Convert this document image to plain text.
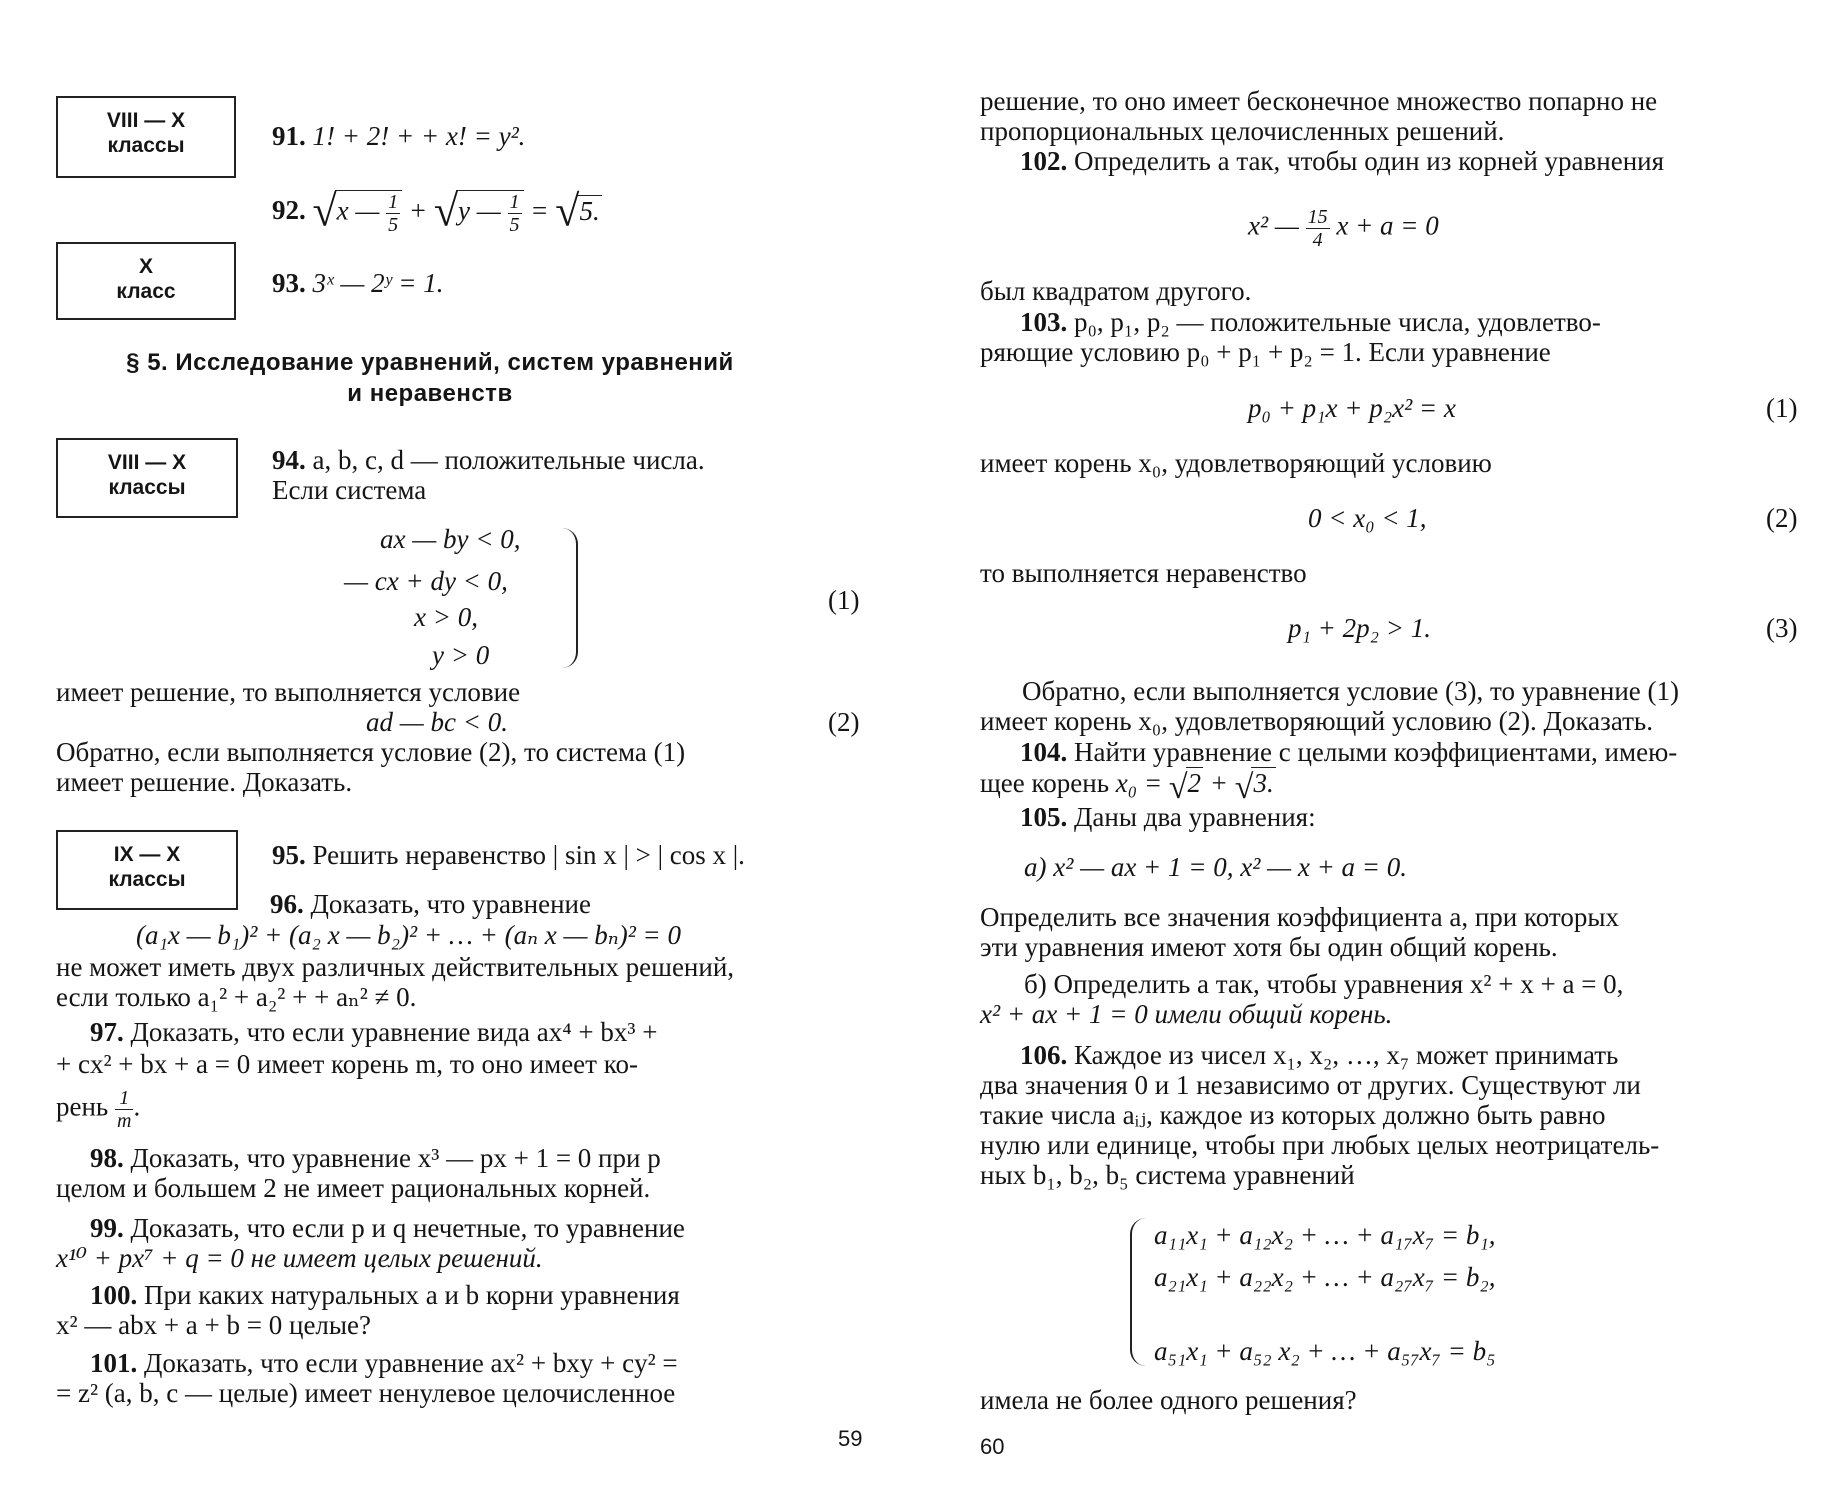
VIII — X
классы	91. 1! + 2! + + x! = y².
92. √x — $\frac{1}{5} + √y$ — $\frac{1}{5} = √5$.
X
класс	93. 3ˣ — 2ʸ = 1.
§ 5. Исследование уравнений, систем уравнений
и неравенств
VIII — X
классы
94. a, b, c, d — положительные числа.
Если система
ax — by < 0,
— cx + dy < 0,
x > 0,
y > 0
(1)
имеет решение, то выполняется условие
ad — bc < 0.	(2)
Обратно, если выполняется условие (2), то система (1)
имеет решение. Доказать.
IX — X
классы
95. Решить неравенство | sin x | > | cos x |.
96. Доказать, что уравнение
(a₁x — b₁)² + (a₂ x — b₂)² + … + (aₙ x — bₙ)² = 0
не может иметь двух различных действительных решений,
если только a₁² + a₂² + + aₙ² ≠ 0.
97. Доказать, что если уравнение вида ax⁴ + bx³ +
+ cx² + bx + a = 0 имеет корень m, то оно имеет ко-
рень $\frac{1}{m}$ .
98. Доказать, что уравнение x³ — px + 1 = 0 при p
целом и большем 2 не имеет рациональных корней.
99. Доказать, что если p и q нечетные, то уравнение
x¹⁰ + px⁷ + q = 0 не имеет целых решений.
100. При каких натуральных a и b корни уравнения
x² — abx + a + b = 0 целые?
101. Доказать, что если уравнение ax² + bxy + cy² =
= z² (a, b, c — целые) имеет ненулевое целочисленное
59
решение, то оно имеет бесконечное множество попарно не
пропорциональных целочисленных решений.
102. Определить a так, чтобы один из корней уравнения
x² — $\frac{15}{4}$ x + a = 0
был квадратом другого.
103. p₀, p₁, p₂ — положительные числа, удовлетво-
ряющие условию p₀ + p₁ + p₂ = 1. Если уравнение
p₀ + p₁x + p₂x² = x	(1)
имеет корень x₀, удовлетворяющий условию
0 < x₀ < 1,	(2)
то выполняется неравенство
p₁ + 2p₂ > 1.	(3)
Обратно, если выполняется условие (3), то уравнение (1)
имеет корень x₀, удовлетворяющий условию (2). Доказать.
104. Найти уравнение с целыми коэффициентами, имею-
щее корень x₀ = √2 + √3.
105. Даны два уравнения:
а) x² — ax + 1 = 0, x² — x + a = 0.
Определить все значения коэффициента a, при которых
эти уравнения имеют хотя бы один общий корень.
б) Определить a так, чтобы уравнения x² + x + a = 0,
x² + ax + 1 = 0 имели общий корень.
106. Каждое из чисел x₁, x₂, …, x₇ может принимать
два значения 0 и 1 независимо от других. Существуют ли
такие числа aᵢⱼ, каждое из которых должно быть равно
нулю или единице, чтобы при любых целых неотрицатель-
ных b₁, b₂, b₅ система уравнений
a₁₁x₁ + a₁₂x₂ + … + a₁₇x₇ = b₁,
a₂₁x₁ + a₂₂x₂ + … + a₂₇x₇ = b₂,
a₅₁x₁ + a₅₂ x₂ + … + a₅₇x₇ = b₅
имела не более одного решения?
60
